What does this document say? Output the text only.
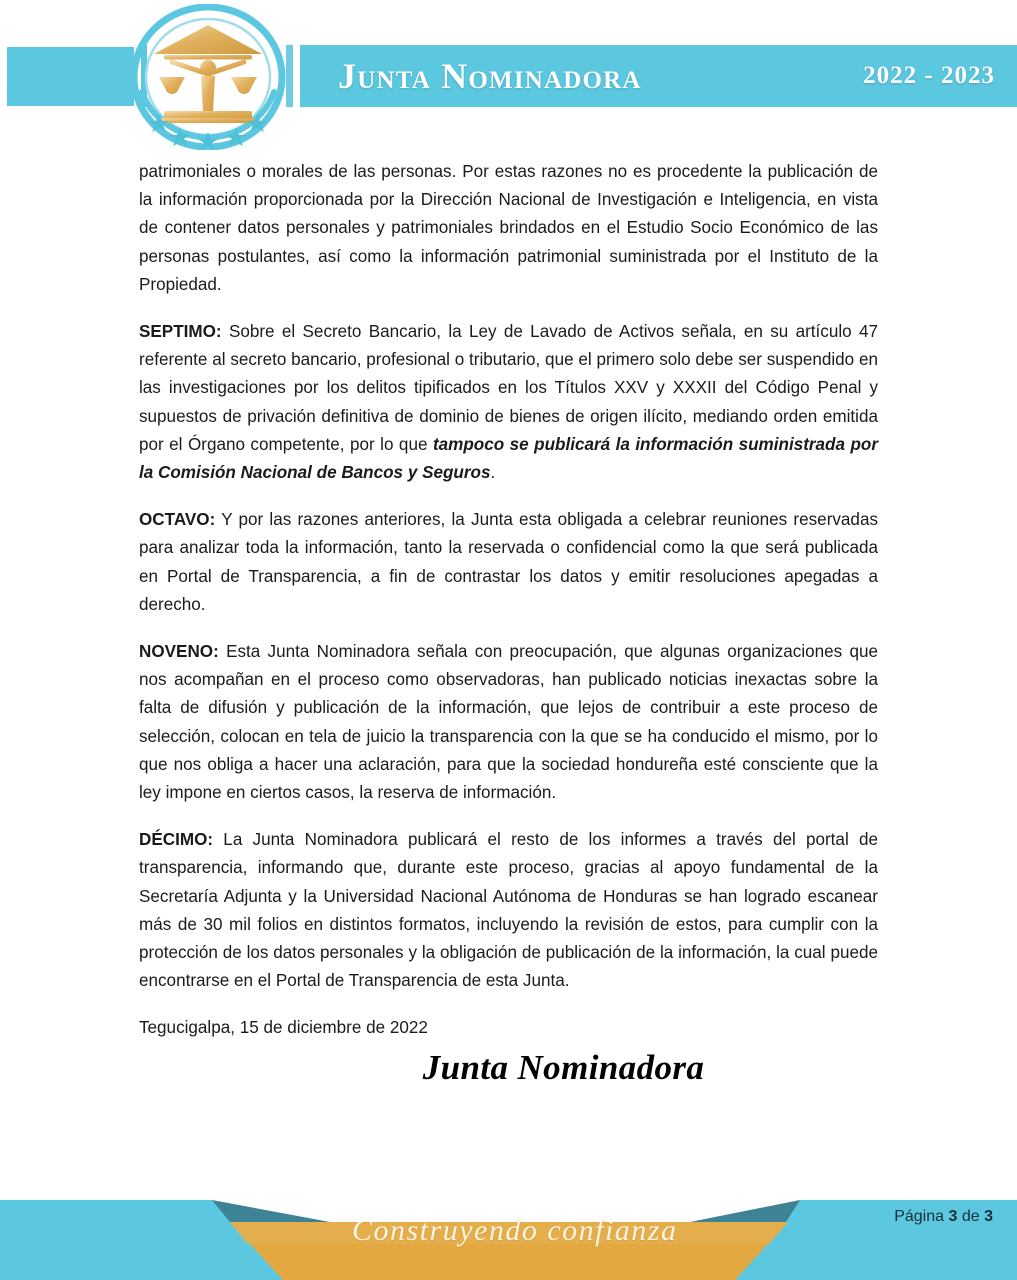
Junta Nominadora	2022 - 2023

patrimoniales o morales de las personas. Por estas razones no es procedente la publicación de la información proporcionada por la Dirección Nacional de Investigación e Inteligencia, en vista de contener datos personales y patrimoniales brindados en el Estudio Socio Económico de las personas postulantes, así como la información patrimonial suministrada por el Instituto de la Propiedad.

SEPTIMO: Sobre el Secreto Bancario, la Ley de Lavado de Activos señala, en su artículo 47 referente al secreto bancario, profesional o tributario, que el primero solo debe ser suspendido en las investigaciones por los delitos tipificados en los Títulos XXV y XXXII del Código Penal y supuestos de privación definitiva de dominio de bienes de origen ilícito, mediando orden emitida por el Órgano competente, por lo que tampoco se publicará la información suministrada por la Comisión Nacional de Bancos y Seguros.

OCTAVO: Y por las razones anteriores, la Junta esta obligada a celebrar reuniones reservadas para analizar toda la información, tanto la reservada o confidencial como la que será publicada en Portal de Transparencia, a fin de contrastar los datos y emitir resoluciones apegadas a derecho.

NOVENO: Esta Junta Nominadora señala con preocupación, que algunas organizaciones que nos acompañan en el proceso como observadoras, han publicado noticias inexactas sobre la falta de difusión y publicación de la información, que lejos de contribuir a este proceso de selección, colocan en tela de juicio la transparencia con la que se ha conducido el mismo, por lo que nos obliga a hacer una aclaración, para que la sociedad hondureña esté consciente que la ley impone en ciertos casos, la reserva de información.

DÉCIMO: La Junta Nominadora publicará el resto de los informes a través del portal de transparencia, informando que, durante este proceso, gracias al apoyo fundamental de la Secretaría Adjunta y la Universidad Nacional Autónoma de Honduras se han logrado escanear más de 30 mil folios en distintos formatos, incluyendo la revisión de estos, para cumplir con la protección de los datos personales y la obligación de publicación de la información, la cual puede encontrarse en el Portal de Transparencia de esta Junta.

Tegucigalpa, 15 de diciembre de 2022

Junta Nominadora
Construyendo confianza	Página 3 de 3
